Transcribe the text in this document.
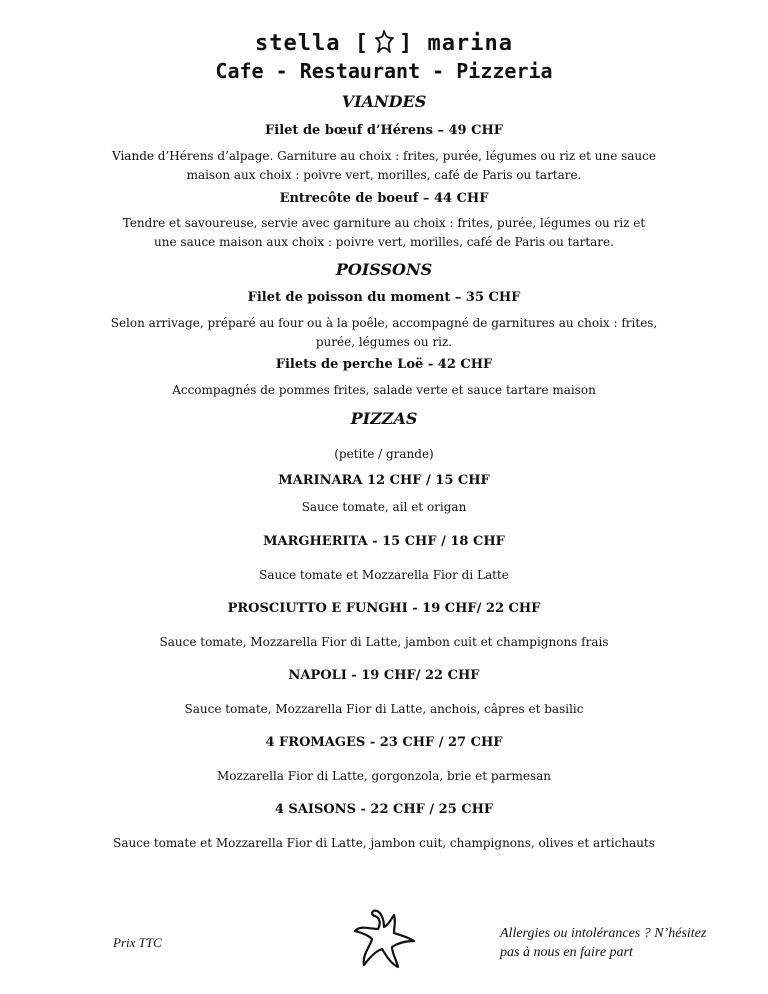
stella [ ] marina
Cafe - Restaurant - Pizzeria
VIANDES
Filet de bœuf d’Hérens – 49 CHF
Viande d’Hérens d’alpage. Garniture au choix : frites, purée, légumes ou riz et une sauce maison aux choix : poivre vert, morilles, café de Paris ou tartare.
Entrecôte de boeuf – 44 CHF
Tendre et savoureuse, servie avec garniture au choix : frites, purée, légumes ou riz et une sauce maison aux choix : poivre vert, morilles, café de Paris ou tartare.
POISSONS
Filet de poisson du moment – 35 CHF
Selon arrivage, préparé au four ou à la poêle, accompagné de garnitures au choix : frites, purée, légumes ou riz.
Filets de perche Loë - 42 CHF
Accompagnés de pommes frites, salade verte et sauce tartare maison
PIZZAS
(petite / grande)
MARINARA 12 CHF / 15 CHF
Sauce tomate, ail et origan
MARGHERITA - 15 CHF / 18 CHF
Sauce tomate et Mozzarella Fior di Latte
PROSCIUTTO E FUNGHI - 19 CHF/ 22 CHF
Sauce tomate, Mozzarella Fior di Latte, jambon cuit et champignons frais
NAPOLI - 19 CHF/ 22 CHF
Sauce tomate, Mozzarella Fior di Latte, anchois, câpres et basilic
4 FROMAGES - 23 CHF / 27 CHF
Mozzarella Fior di Latte, gorgonzola, brie et parmesan
4 SAISONS - 22 CHF / 25 CHF
Sauce tomate et Mozzarella Fior di Latte, jambon cuit, champignons, olives et artichauts
Prix TTC
Allergies ou intolérances ? N’hésitez
pas à nous en faire part
